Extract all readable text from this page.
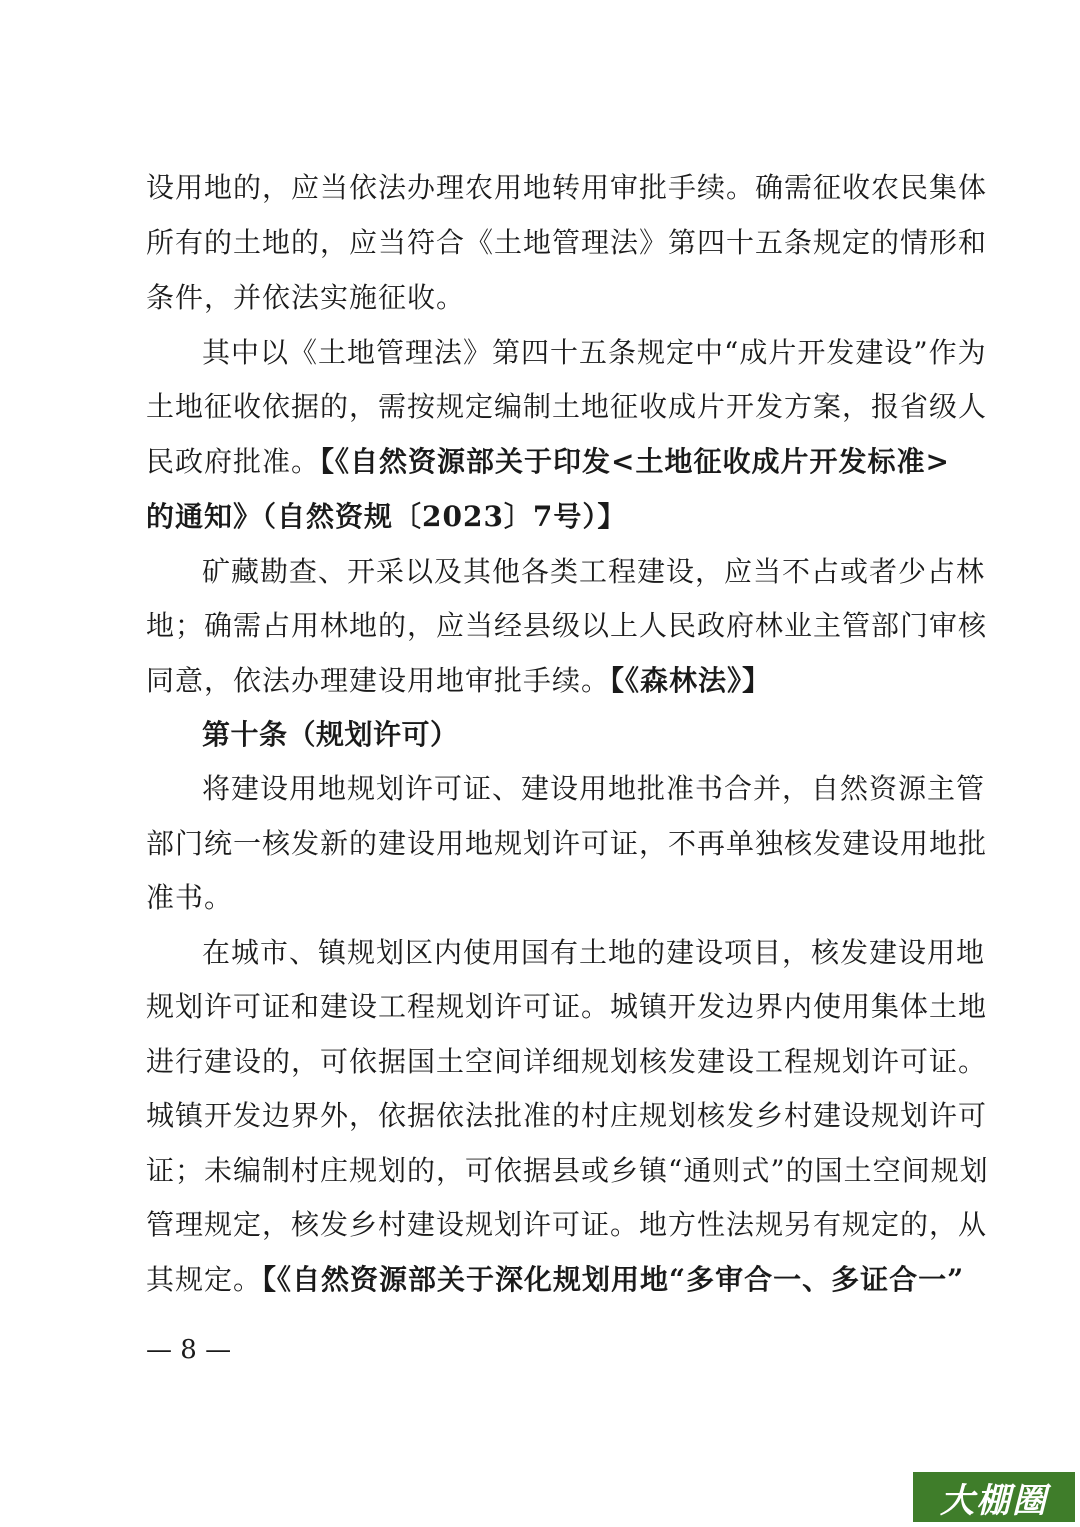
设用地的，应当依法办理农用地转用审批手续。确需征收农民集体
所有的土地的，应当符合《土地管理法》第四十五条规定的情形和
条件，并依法实施征收。
其中以《土地管理法》第四十五条规定中“成片开发建设”作为
土地征收依据的，需按规定编制土地征收成片开发方案，报省级人
民政府批准。【《自然资源部关于印发<土地征收成片开发标准>
的通知》（自然资规〔2023〕7号）】
矿藏勘查、开采以及其他各类工程建设，应当不占或者少占林
地；确需占用林地的，应当经县级以上人民政府林业主管部门审核
同意，依法办理建设用地审批手续。【《森林法》】
第十条（规划许可）
将建设用地规划许可证、建设用地批准书合并，自然资源主管
部门统一核发新的建设用地规划许可证，不再单独核发建设用地批
准书。
在城市、镇规划区内使用国有土地的建设项目，核发建设用地
规划许可证和建设工程规划许可证。城镇开发边界内使用集体土地
进行建设的，可依据国土空间详细规划核发建设工程规划许可证。
城镇开发边界外，依据依法批准的村庄规划核发乡村建设规划许可
证；未编制村庄规划的，可依据县或乡镇“通则式”的国土空间规划
管理规定，核发乡村建设规划许可证。地方性法规另有规定的，从
其规定。【《自然资源部关于深化规划用地“多审合一、多证合一”
— 8 —
大棚圈
